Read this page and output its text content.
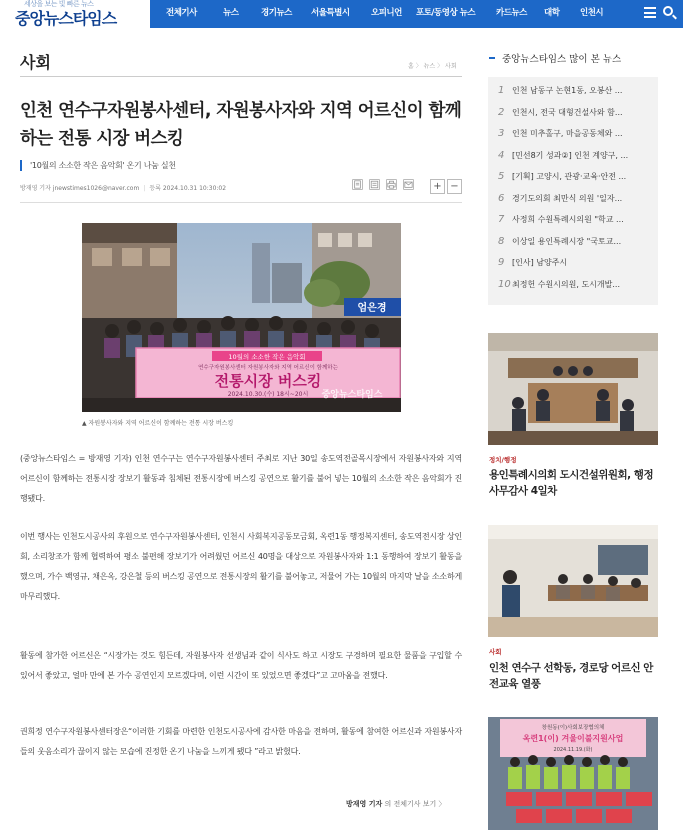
세상을 보는 빛 빠른 뉴스
중앙뉴스타임스	전체기사	뉴스	경기뉴스	서울특별시	오피니언	포토/동영상 뉴스	카드뉴스	대학	인천시
사회	홈 〉 뉴스 〉 사회
인천 연수구자원봉사센터, 자원봉사자와 지역 어르신이 함께하는 전통 시장 버스킹
'10월의 소소한 작은 음악회' 온기 나눔 실천
방재영 기자 jnewstimes1026@naver.com | 등록 2024.10.31 10:30:02	+ −
엄은경
10월의 소소한 작은 음악회
연수구자원봉사센터 자원봉사자와 지역 어르신이 함께하는
전통시장 버스킹
2024.10.30.(수) 18시~20시 중앙뉴스타임스
▲ 자원봉사자와 지역 어르신이 함께하는 전통 시장 버스킹

(중앙뉴스타임스 = 방재영 기자) 인천 연수구는 연수구자원봉사센터 주최로 지난 30일 송도역전골목시장에서 자원봉사자와 지역 어르신이 함께하는 전통시장 장보기 활동과 침체된 전통시장에 버스킹 공연으로 활기를 불어 넣는 10월의 소소한 작은 음악회가 진행됐다.

이번 행사는 인천도시공사의 후원으로 연수구자원봉사센터, 인천시 사회복지공동모금회, 옥련1동 행정복지센터, 송도역전시장 상인회, 소리창조가 함께 협력하여 평소 불편해 장보기가 어려웠던 어르신 40명을 대상으로 자원봉사자와 1:1 동행하여 장보기 활동을 했으며, 가수 백영규, 채은옥, 강은철 등의 버스킹 공연으로 전통시장의 활기를 불어놓고, 저물어 가는 10월의 마지막 날을 소소하게 마무리했다.

활동에 참가한 어르신은 “시장가는 것도 힘든데, 자원봉사자 선생님과 같이 식사도 하고 시장도 구경하며 필요한 물품을 구입할 수 있어서 좋았고, 얼마 만에 본 가수 공연인지 모르겠다며, 이런 시간이 또 있었으면 좋겠다”고 고마움을 전했다.

권희정 연수구자원봉사센터장은“이러한 기회를 마련한 인천도시공사에 감사한 마음을 전하며, 활동에 참여한 어르신과 자원봉사자들의 웃음소리가 끊이지 않는 모습에 진정한 온기 나눔을 느끼게 됐다 ”라고 밝혔다.

방재영 기자 의 전체기사 보기 〉
중앙뉴스타임스 많이 본 뉴스
1 인천 남동구 논현1동, 오봉산 ...
2 인천시, 전국 대형건설사와 함...
3 인천 미추홀구, 마을공동체와 ...
4 [민선8기 성과②] 인천 계양구, ...
5 [기획] 고양시, 관광·교육·안전 ...
6 경기도의회 최만식 의원 '일자...
7 사정희 수원특례시의원 "학교 ...
8 이상일 용인특례시장 "국토교...
9 [인사] 남양주시
10최정헌 수원시의원, 도시개발...
정치/행정
용인특례시의회 도시건설위원회, 행정사무감사 4일차
사회
인천 연수구 선학동, 경로당 어르신 안전교육 열풍
창원동(이)사회보장협의체
옥련1(이) 겨울이불지원사업
2024.11.19.(화)
